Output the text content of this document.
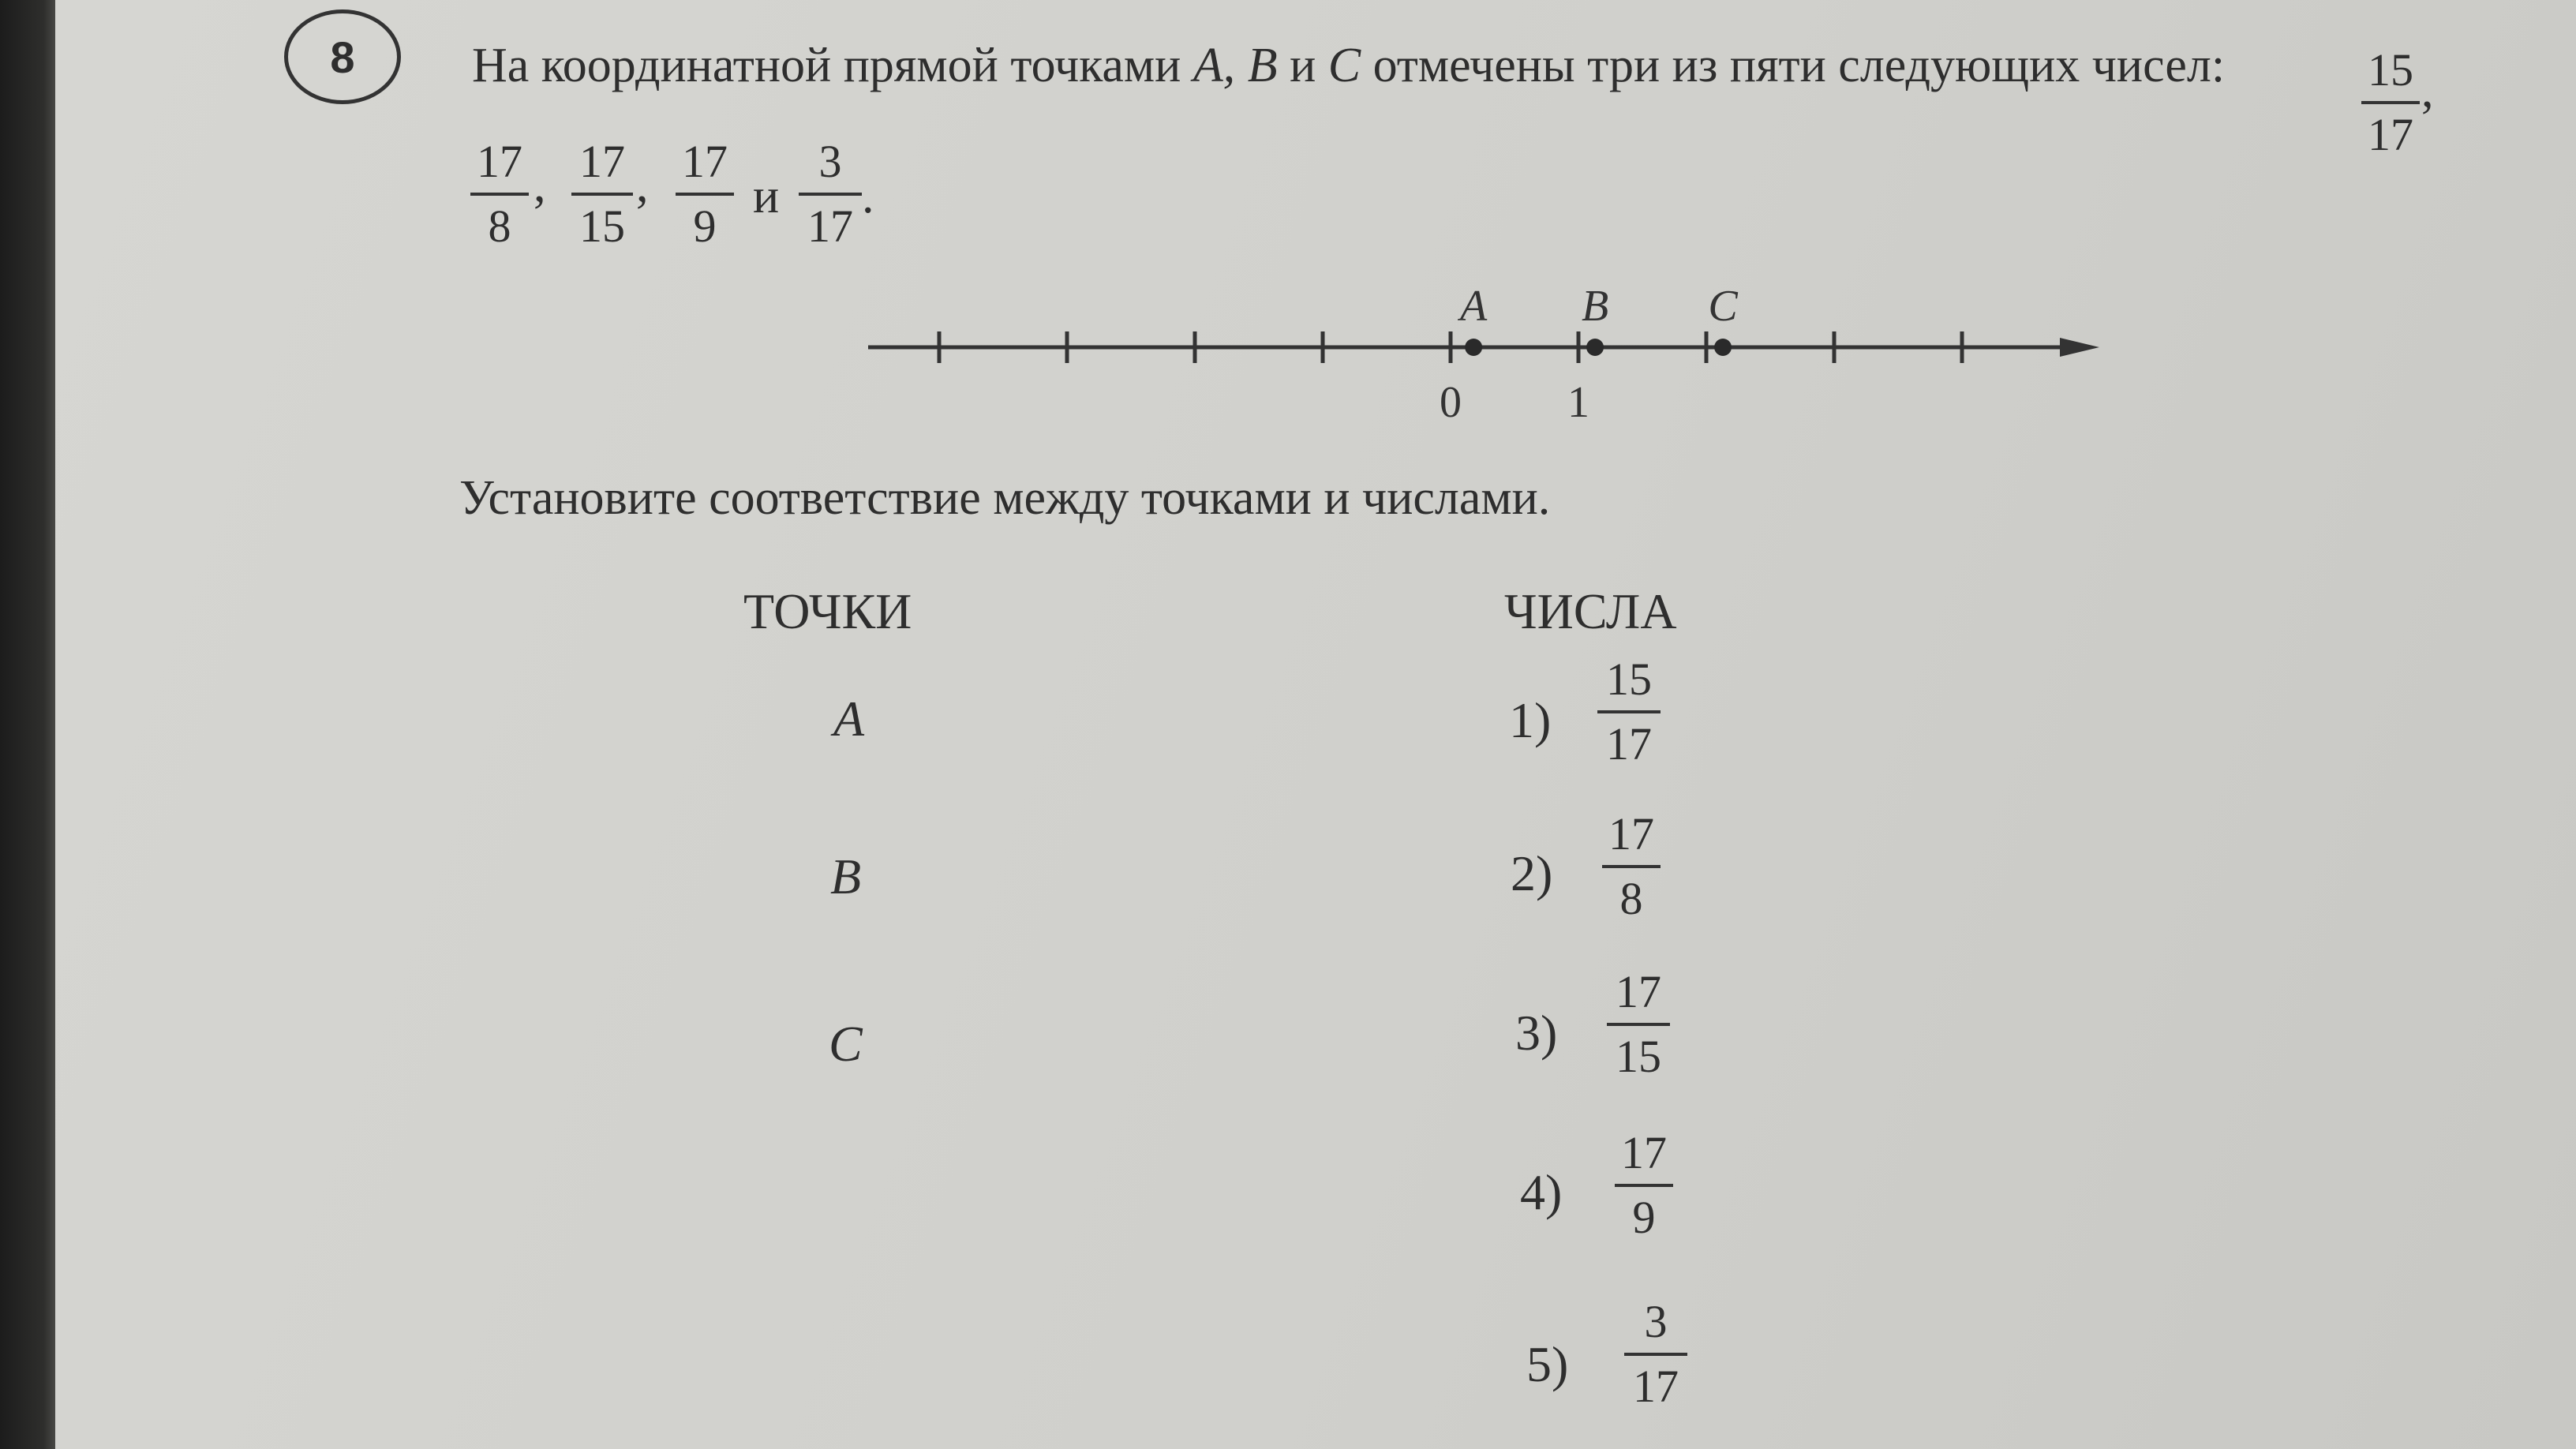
8 На координатной прямой точками A, B и C отмечены три из пяти следующих чисел:	15
17
,
17
8
, 17
15
, 17
9
и
3
17
.
0 1
A B C
Установите соответствие между точками и числами.
ТОЧКИ	ЧИСЛА
A
B
C
1)
15
17
2)
17
8
3)
17
15
4)
17
9
5)
3
17
